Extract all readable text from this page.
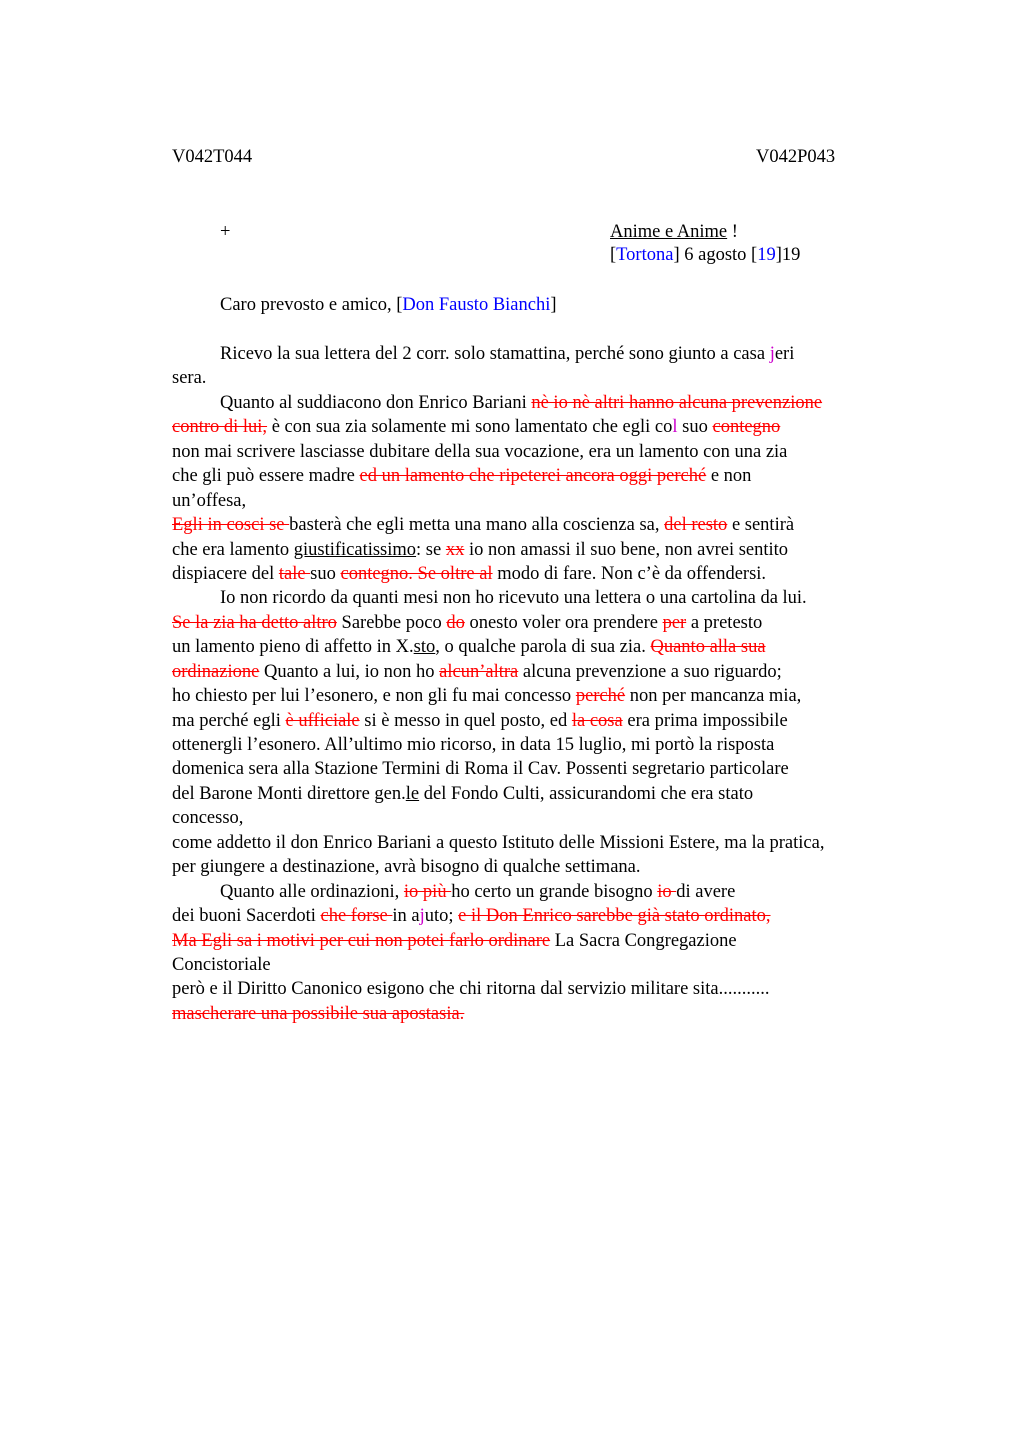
V042T044	V042P043
+	Anime e Anime !
[Tortona] 6 agosto [19]19
Caro prevosto e amico, [Don Fausto Bianchi]
Ricevo la sua lettera del 2 corr. solo stamattina, perché sono giunto a casa jeri
sera.
Quanto al suddiacono don Enrico Bariani nè io nè altri hanno alcuna prevenzione
contro di lui, è con sua zia solamente mi sono lamentato che egli col suo contegno
non mai scrivere lasciasse dubitare della sua vocazione, era un lamento con una zia
che gli può essere madre ed un lamento che ripeterei ancora oggi perché e non
un’offesa,
Egli in cosci se basterà che egli metta una mano alla coscienza sa, del resto e sentirà
che era lamento giustificatissimo: se xx io non amassi il suo bene, non avrei sentito
dispiacere del tale suo contegno. Se oltre al modo di fare. Non c’è da offendersi.
Io non ricordo da quanti mesi non ho ricevuto una lettera o una cartolina da lui.
Se la zia ha detto altro Sarebbe poco do onesto voler ora prendere per a pretesto
un lamento pieno di affetto in X.sto, o qualche parola di sua zia. Quanto alla sua
ordinazione Quanto a lui, io non ho alcun’altra alcuna prevenzione a suo riguardo;
ho chiesto per lui l’esonero, e non gli fu mai concesso perché non per mancanza mia,
ma perché egli è ufficiale si è messo in quel posto, ed la cosa era prima impossibile
ottenergli l’esonero. All’ultimo mio ricorso, in data 15 luglio, mi portò la risposta
domenica sera alla Stazione Termini di Roma il Cav. Possenti segretario particolare
del Barone Monti direttore gen.le del Fondo Culti, assicurandomi che era stato
concesso,
come addetto il don Enrico Bariani a questo Istituto delle Missioni Estere, ma la pratica,
per giungere a destinazione, avrà bisogno di qualche settimana.
Quanto alle ordinazioni, io più ho certo un grande bisogno io di avere
dei buoni Sacerdoti che forse in ajuto; e il Don Enrico sarebbe già stato ordinato,
Ma Egli sa i motivi per cui non potei farlo ordinare La Sacra Congregazione
Concistoriale
però e il Diritto Canonico esigono che chi ritorna dal servizio militare sita...........
mascherare una possibile sua apostasia.
